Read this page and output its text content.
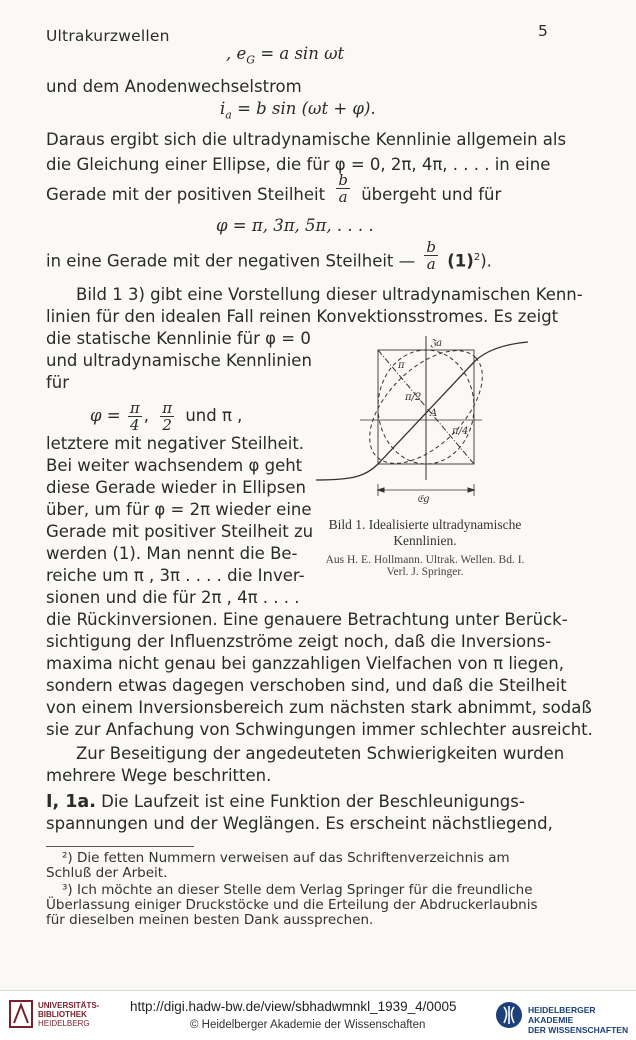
Ultrakurzwellen	5
, $e_G = a$ sin ωt
und dem Anodenwechselstrom
$i_a = b$ sin (ωt + φ).
Daraus ergibt sich die ultradynamische Kennlinie allgemein als
die Gleichung einer Ellipse, die für φ = 0, 2π, 4π, . . . . in eine
Gerade mit der positiven Steilheit $\frac{b}{a}$ übergeht und für
φ = π, 3π, 5π, . . . .
in eine Gerade mit der negativen Steilheit — $\frac{b}{a} (1)^2$).
Bild 1 3) gibt eine Vorstellung dieser ultradynamischen Kenn-
linien für den idealen Fall reinen Konvektionsstromes. Es zeigt
die statische Kennlinie für φ = 0
und ultradynamische Kennlinien
für
$\varphi = \frac{\pi}{4}$ , $\frac{\pi}{2}$ und π ,
letztere mit negativer Steilheit.
Bei weiter wachsendem φ geht
diese Gerade wieder in Ellipsen
über, um für φ = 2π wieder eine
Gerade mit positiver Steilheit zu
werden (1). Man nennt die Be-
reiche um π , 3π . . . . die Inver-
sionen und die für 2π , 4π . . . .
die Rückinversionen. Eine genauere Betrachtung unter Berück-
sichtigung der Influenzströme zeigt noch, daß die Inversions-
maxima nicht genau bei ganzzahligen Vielfachen von π liegen,
sondern etwas dagegen verschoben sind, und daß die Steilheit
von einem Inversionsbereich zum nächsten stark abnimmt, sodaß
sie zur Anfachung von Schwingungen immer schlechter ausreicht.
Zur Beseitigung der angedeuteten Schwierigkeiten wurden
mehrere Wege beschritten.
I, 1a. Die Laufzeit ist eine Funktion der Beschleunigungs-
spannungen und der Weglängen. Es erscheint nächstliegend,
²) Die fetten Nummern verweisen auf das Schriftenverzeichnis am
Schluß der Arbeit.
³) Ich möchte an dieser Stelle dem Verlag Springer für die freundliche
Überlassung einiger Druckstöcke und die Erteilung der Abdruckerlaubnis
für dieselben meinen besten Dank aussprechen.
𝔍a
𝔈g
A
π
π/2
π/4
Bild 1. Idealisierte ultradynamische
Kennlinien.
Aus H. E. Hollmann. Ultrak. Wellen. Bd. I.
Verl. J. Springer.
UNIVERSITÄTS-
BIBLIOTHEK
HEIDELBERG
http://digi.hadw-bw.de/view/sbhadwmnkl_1939_4/0005
© Heidelberger Akademie der Wissenschaften
HEIDELBERGER AKADEMIE
DER WISSENSCHAFTEN
